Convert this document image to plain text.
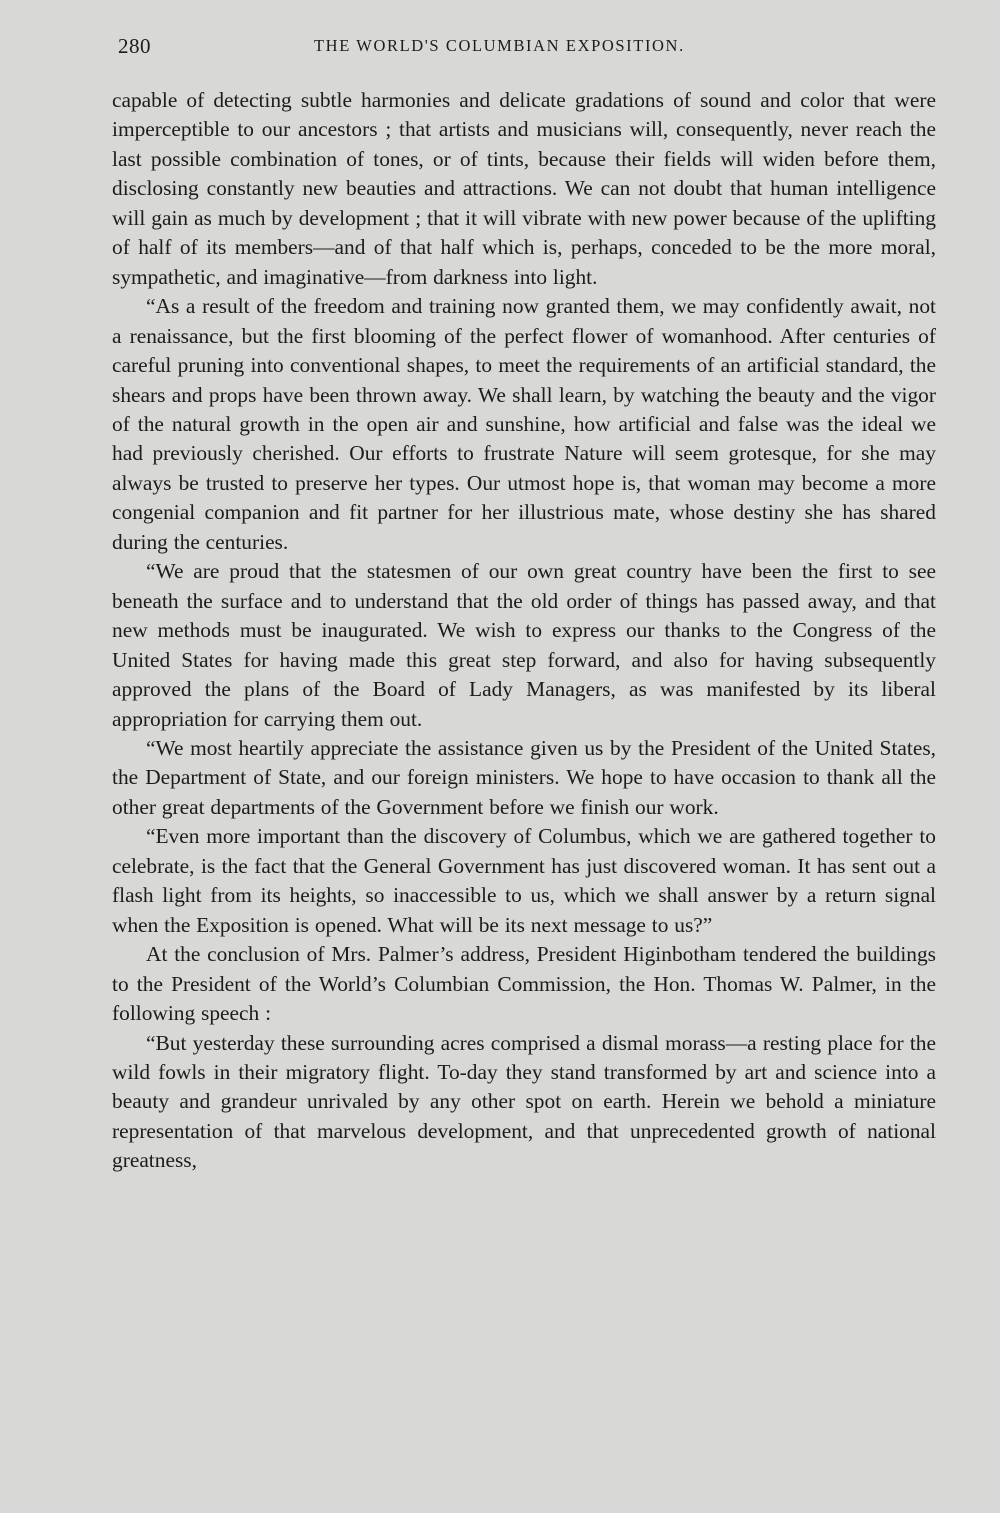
280	THE WORLD'S COLUMBIAN EXPOSITION.

capable of detecting subtle harmonies and delicate gradations of sound and color that were imperceptible to our ancestors ; that artists and musicians will, consequently, never reach the last possible combination of tones, or of tints, because their fields will widen before them, disclosing constantly new beauties and attractions. We can not doubt that human intelligence will gain as much by development ; that it will vibrate with new power because of the uplifting of half of its members—and of that half which is, perhaps, conceded to be the more moral, sympathetic, and imaginative—from darkness into light.

“As a result of the freedom and training now granted them, we may confidently await, not a renaissance, but the first blooming of the perfect flower of womanhood. After centuries of careful pruning into conventional shapes, to meet the requirements of an artificial standard, the shears and props have been thrown away. We shall learn, by watching the beauty and the vigor of the natural growth in the open air and sunshine, how artificial and false was the ideal we had previously cherished. Our efforts to frustrate Nature will seem grotesque, for she may always be trusted to preserve her types. Our utmost hope is, that woman may become a more congenial companion and fit partner for her illustrious mate, whose destiny she has shared during the centuries.

“We are proud that the statesmen of our own great country have been the first to see beneath the surface and to understand that the old order of things has passed away, and that new methods must be inaugurated. We wish to express our thanks to the Congress of the United States for having made this great step forward, and also for having subsequently approved the plans of the Board of Lady Managers, as was manifested by its liberal appropriation for carrying them out.

“We most heartily appreciate the assistance given us by the President of the United States, the Department of State, and our foreign ministers. We hope to have occasion to thank all the other great departments of the Government before we finish our work.

“Even more important than the discovery of Columbus, which we are gathered together to celebrate, is the fact that the General Government has just discovered woman. It has sent out a flash light from its heights, so inaccessible to us, which we shall answer by a return signal when the Exposition is opened. What will be its next message to us?”

At the conclusion of Mrs. Palmer’s address, President Higinbotham tendered the buildings to the President of the World’s Columbian Commission, the Hon. Thomas W. Palmer, in the following speech :

“But yesterday these surrounding acres comprised a dismal morass—a resting place for the wild fowls in their migratory flight. To-day they stand transformed by art and science into a beauty and grandeur unrivaled by any other spot on earth. Herein we behold a miniature representation of that marvelous development, and that unprecedented growth of national greatness,
